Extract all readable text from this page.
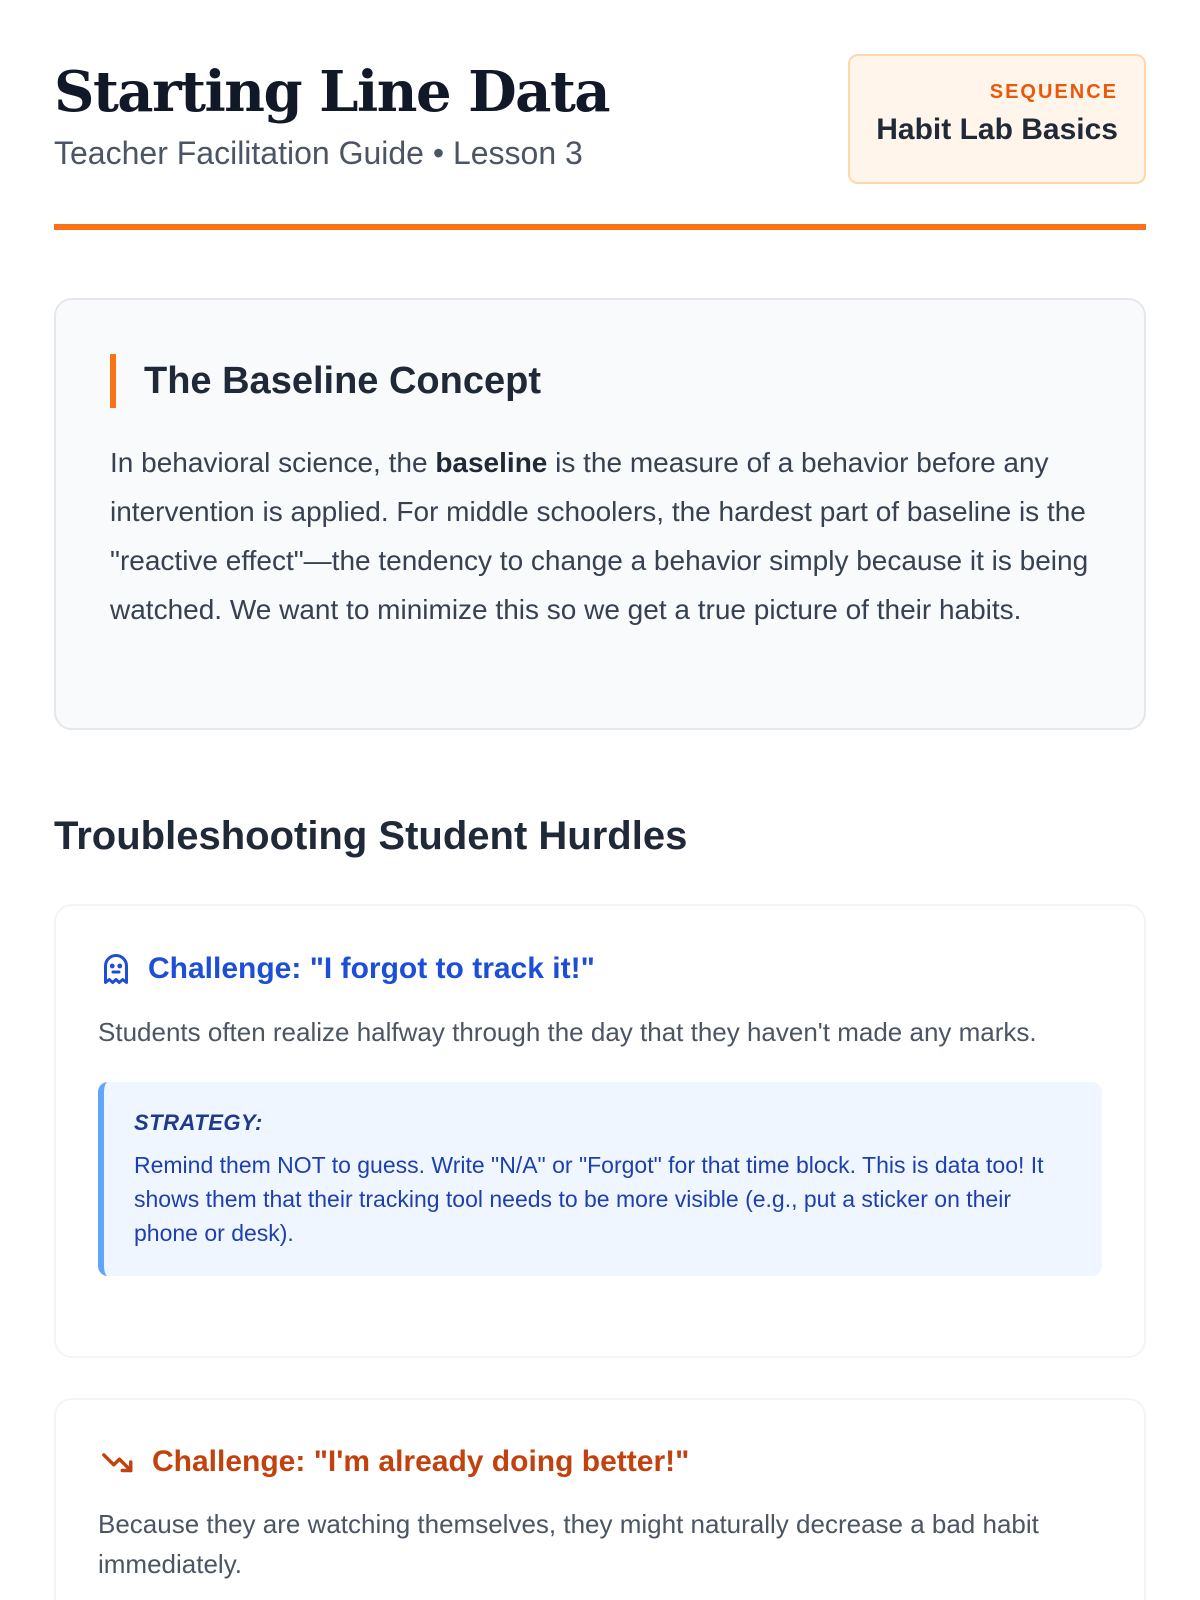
Starting Line Data
Teacher Facilitation Guide • Lesson 3
SEQUENCE
Habit Lab Basics
The Baseline Concept

In behavioral science, the baseline is the measure of a behavior before any intervention is applied. For middle schoolers, the hardest part of baseline is the "reactive effect"—the tendency to change a behavior simply because it is being watched. We want to minimize this so we get a true picture of their habits.

Troubleshooting Student Hurdles
Challenge: "I forgot to track it!"

Students often realize halfway through the day that they haven't made any marks.

STRATEGY:

Remind them NOT to guess. Write "N/A" or "Forgot" for that time block. This is data too! It shows them that their tracking tool needs to be more visible (e.g., put a sticker on their phone or desk).

Challenge: "I'm already doing better!"

Because they are watching themselves, they might naturally decrease a bad habit immediately.
